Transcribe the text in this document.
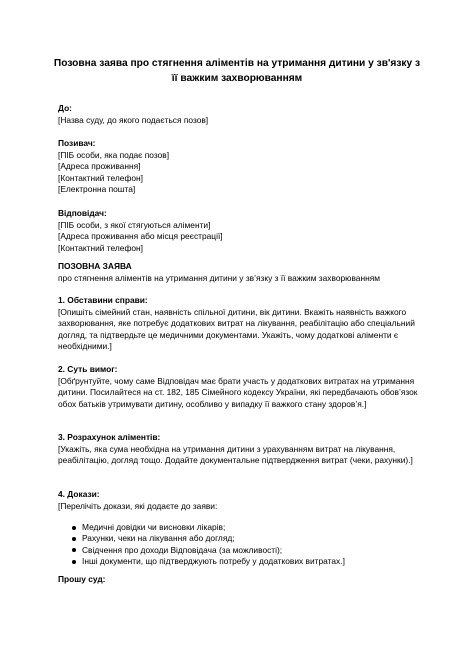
Позовна заява про стягнення аліментів на утримання дитини у зв'язку з її важким захворюванням

До:

[Назва суду, до якого подається позов]

Позивач:

[ПІБ особи, яка подає позов]

[Адреса проживання]

[Контактний телефон]

[Електронна пошта]

Відповідач:

[ПІБ особи, з якої стягуються аліменти]

[Адреса проживання або місця реєстрації]

[Контактний телефон]

ПОЗОВНА ЗАЯВА

про стягнення аліментів на утримання дитини у зв’язку з її важким захворюванням

1. Обставини справи:

[Опишіть сімейний стан, наявність спільної дитини, вік дитини. Вкажіть наявність важкого захворювання, яке потребує додаткових витрат на лікування, реабілітацію або спеціальний догляд, та підтвердьте це медичними документами. Укажіть, чому додаткові аліменти є необхідними.]

2. Суть вимог:

[Обґрунтуйте, чому саме Відповідач має брати участь у додаткових витратах на утримання дитини. Посилайтеся на ст. 182, 185 Сімейного кодексу України, які передбачають обов’язок обох батьків утримувати дитину, особливо у випадку її важкого стану здоров’я.]

3. Розрахунок аліментів:

[Укажіть, яка сума необхідна на утримання дитини з урахуванням витрат на лікування, реабілітацію, догляд тощо. Додайте документальне підтвердження витрат (чеки, рахунки).]

4. Докази:

[Перелічіть докази, які додаєте до заяви:

Медичні довідки чи висновки лікарів;
Рахунки, чеки на лікування або догляд;
Свідчення про доходи Відповідача (за можливості);
Інші документи, що підтверджують потребу у додаткових витратах.]

Прошу суд:
